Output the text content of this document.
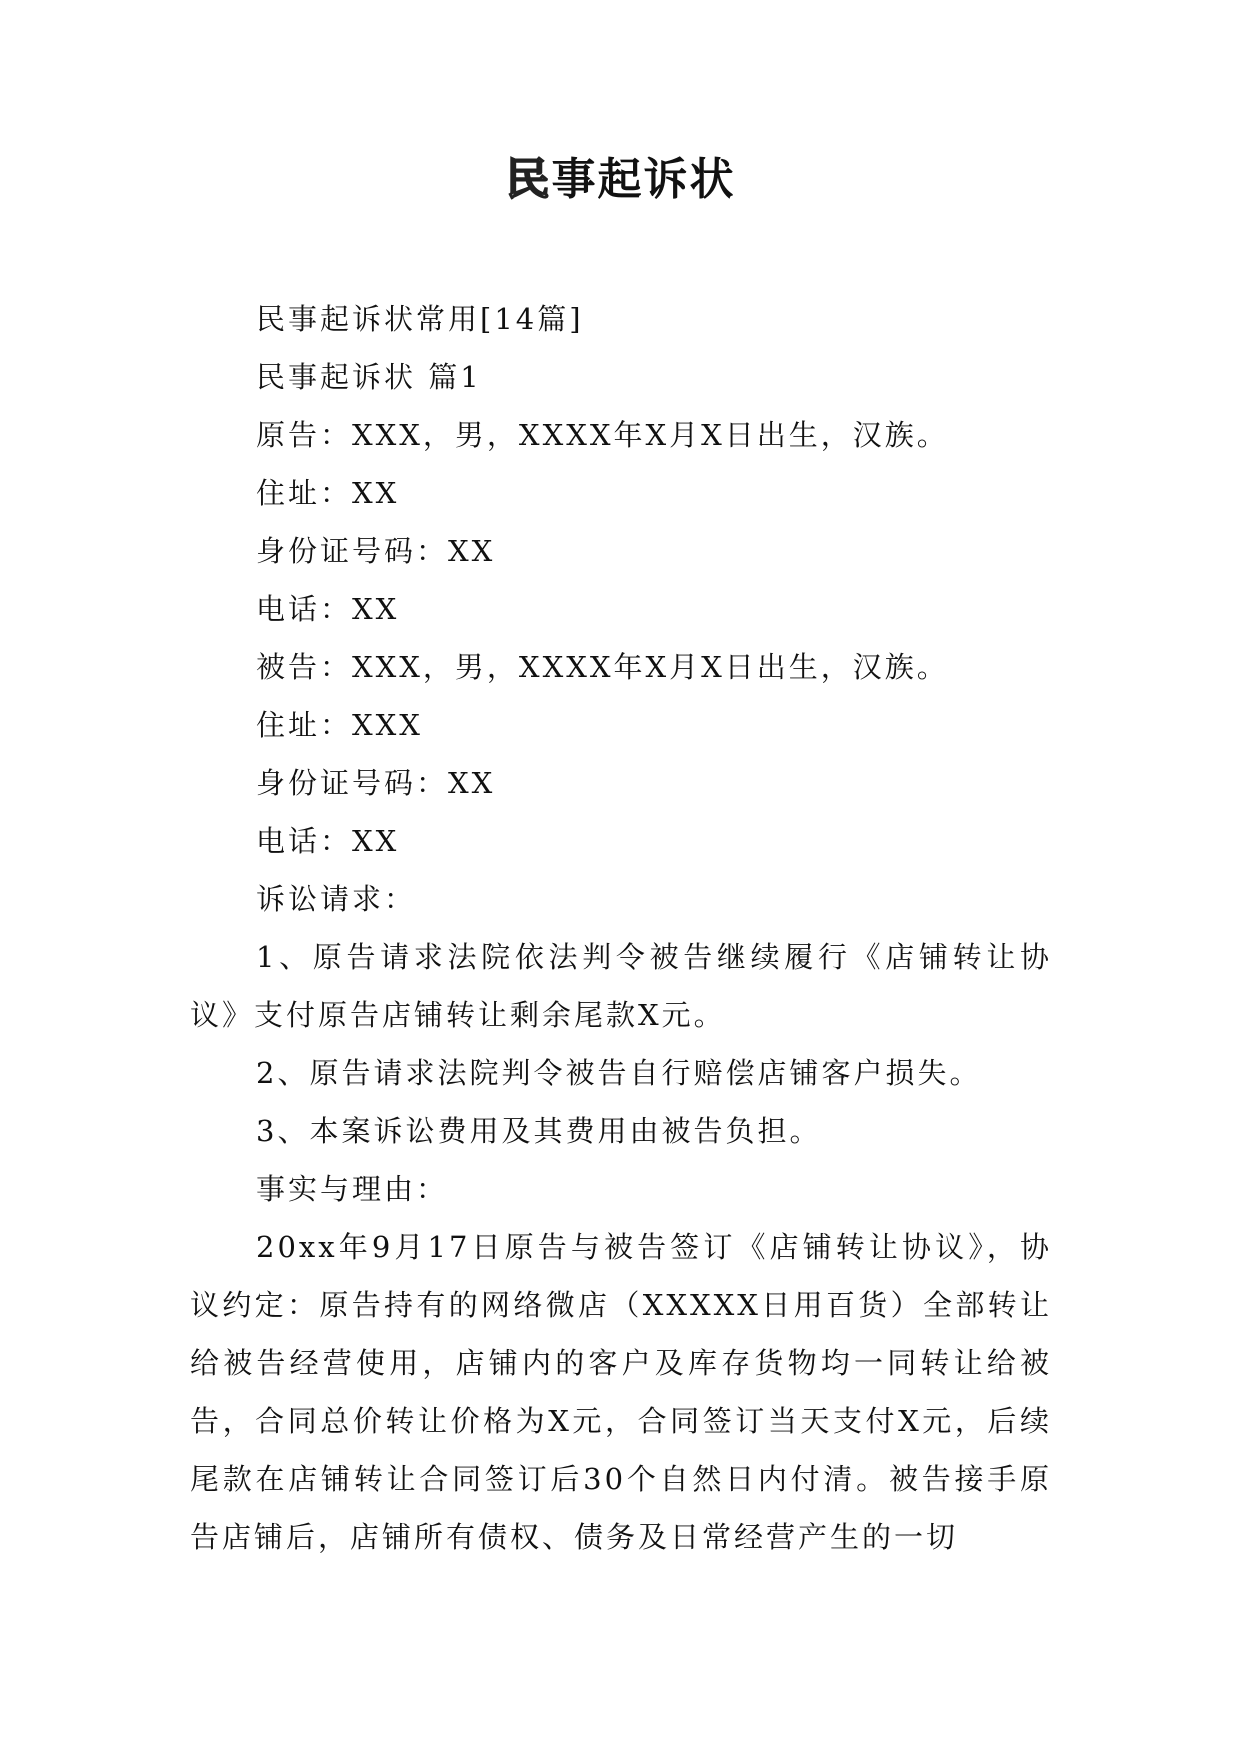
民事起诉状

民事起诉状常用[14篇]

民事起诉状 篇1

原告：XXX，男，XXXX年X月X日出生，汉族。

住址：XX

身份证号码：XX

电话：XX

被告：XXX，男，XXXX年X月X日出生，汉族。

住址：XXX

身份证号码：XX

电话：XX

诉讼请求：

1、原告请求法院依法判令被告继续履行《店铺转让协议》支付原告店铺转让剩余尾款X元。

2、原告请求法院判令被告自行赔偿店铺客户损失。

3、本案诉讼费用及其费用由被告负担。

事实与理由：

20xx年9月17日原告与被告签订《店铺转让协议》，协议约定：原告持有的网络微店（XXXXX日用百货）全部转让给被告经营使用，店铺内的客户及库存货物均一同转让给被告，合同总价转让价格为X元，合同签订当天支付X元，后续尾款在店铺转让合同签订后30个自然日内付清。被告接手原告店铺后，店铺所有债权、债务及日常经营产生的一切
